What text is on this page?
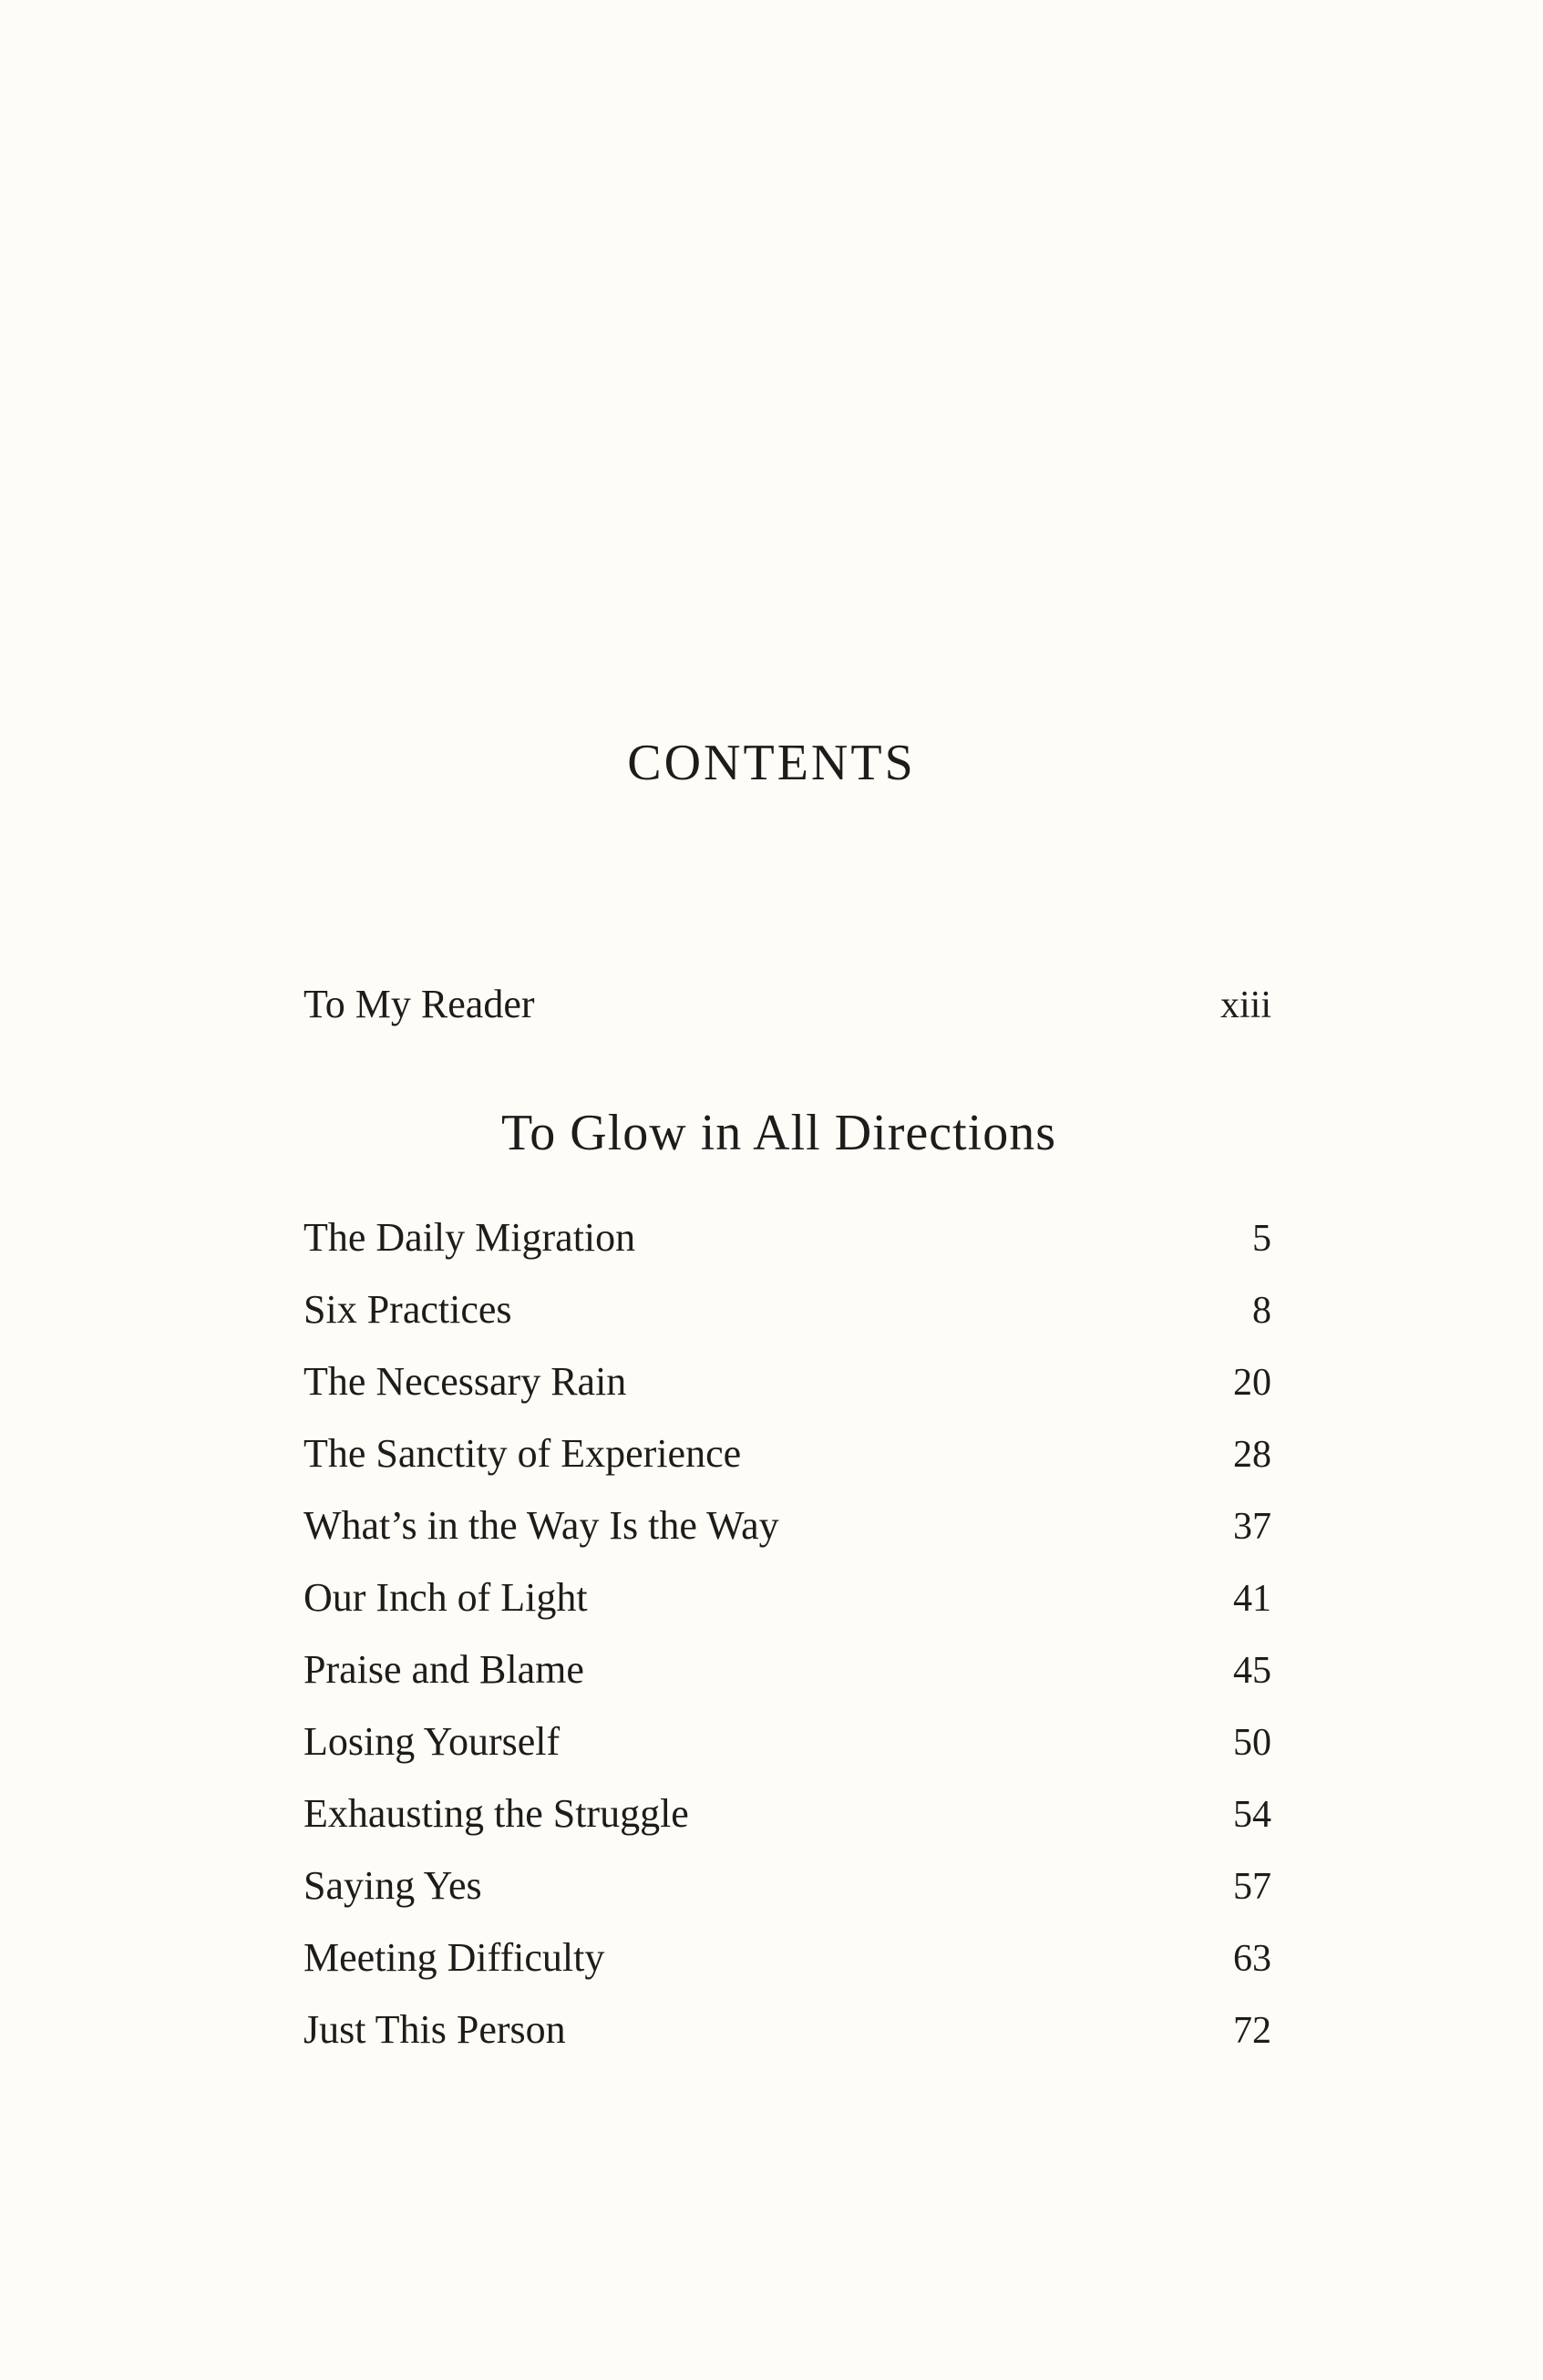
CONTENTS
To My Reader	xiii
To Glow in All Directions
The Daily Migration	5
Six Practices	8
The Necessary Rain	20
The Sanctity of Experience	28
What’s in the Way Is the Way	37
Our Inch of Light	41
Praise and Blame	45
Losing Yourself	50
Exhausting the Struggle	54
Saying Yes	57
Meeting Difficulty	63
Just This Person	72
